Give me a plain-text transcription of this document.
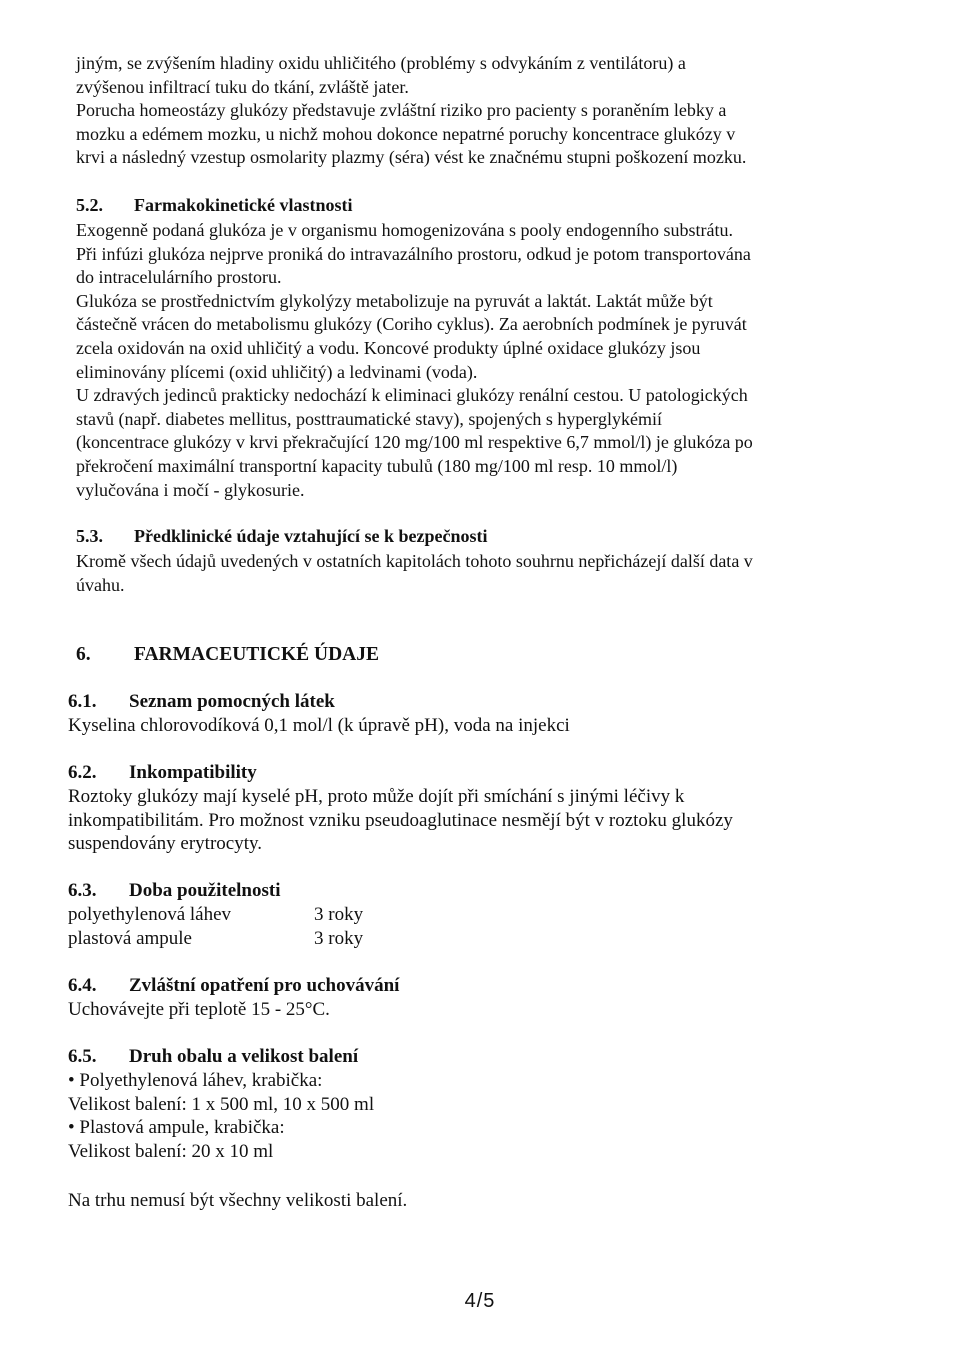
jiným, se zvýšením hladiny oxidu uhličitého (problémy s odvykáním z ventilátoru) a
zvýšenou infiltrací tuku do tkání, zvláště jater.
Porucha homeostázy glukózy představuje zvláštní riziko pro pacienty s poraněním lebky a
mozku a edémem mozku, u nichž mohou dokonce nepatrné poruchy koncentrace glukózy v
krvi a následný vzestup osmolarity plazmy (séra) vést ke značnému stupni poškození mozku.
5.2. Farmakokinetické vlastnosti
Exogenně podaná glukóza je v organismu homogenizována s pooly endogenního substrátu.
Při infúzi glukóza nejprve proniká do intravazálního prostoru, odkud je potom transportována
do intracelulárního prostoru.
Glukóza se prostřednictvím glykolýzy metabolizuje na pyruvát a laktát. Laktát může být
částečně vrácen do metabolismu glukózy (Coriho cyklus). Za aerobních podmínek je pyruvát
zcela oxidován na oxid uhličitý a vodu. Koncové produkty úplné oxidace glukózy jsou
eliminovány plícemi (oxid uhličitý) a ledvinami (voda).
U zdravých jedinců prakticky nedochází k eliminaci glukózy renální cestou. U patologických
stavů (např. diabetes mellitus, posttraumatické stavy), spojených s hyperglykémií
(koncentrace glukózy v krvi překračující 120 mg/100 ml respektive 6,7 mmol/l) je glukóza po
překročení maximální transportní kapacity tubulů (180 mg/100 ml resp. 10 mmol/l)
vylučována i močí - glykosurie.
5.3. Předklinické údaje vztahující se k bezpečnosti
Kromě všech údajů uvedených v ostatních kapitolách tohoto souhrnu nepřicházejí další data v
úvahu.
6. FARMACEUTICKÉ ÚDAJE
6.1. Seznam pomocných látek
Kyselina chlorovodíková 0,1 mol/l (k úpravě pH), voda na injekci
6.2. Inkompatibility
Roztoky glukózy mají kyselé pH, proto může dojít při smíchání s jinými léčivy k
inkompatibilitám. Pro možnost vzniku pseudoaglutinace nesmějí být v roztoku glukózy
suspendovány erytrocyty.
6.3. Doba použitelnosti
polyethylenová láhev	3 roky
plastová ampule	3 roky
6.4. Zvláštní opatření pro uchovávání
Uchovávejte při teplotě 15 - 25°C.
6.5. Druh obalu a velikost balení
• Polyethylenová láhev, krabička:
Velikost balení: 1 x 500 ml, 10 x 500 ml
• Plastová ampule, krabička:
Velikost balení: 20 x 10 ml
Na trhu nemusí být všechny velikosti balení.
4/5
